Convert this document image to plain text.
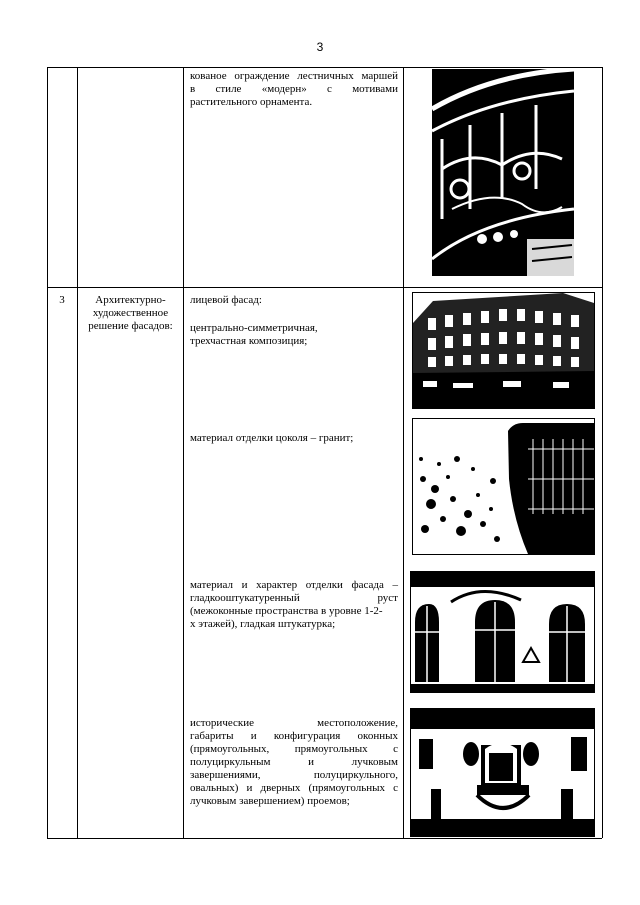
3
кованое ограждение лестничных маршей
в стиле «модерн» с мотивами
растительного орнамента.
3	Архитектурно-
художественное
решение фасадов:
лицевой фасад:
центрально-симметричная,
трехчастная композиция;
материал отделки цоколя – гранит;
материал и характер отделки фасада –
гладкооштукатуренный руст
(межоконные пространства в уровне 1-2-
х этажей), гладкая штукатурка;
исторические местоположение,
габариты и конфигурация оконных
(прямоугольных, прямоугольных с
полуциркульным и лучковым
завершениями, полуциркульного,
овальных) и дверных (прямоугольных с
лучковым завершением) проемов;
